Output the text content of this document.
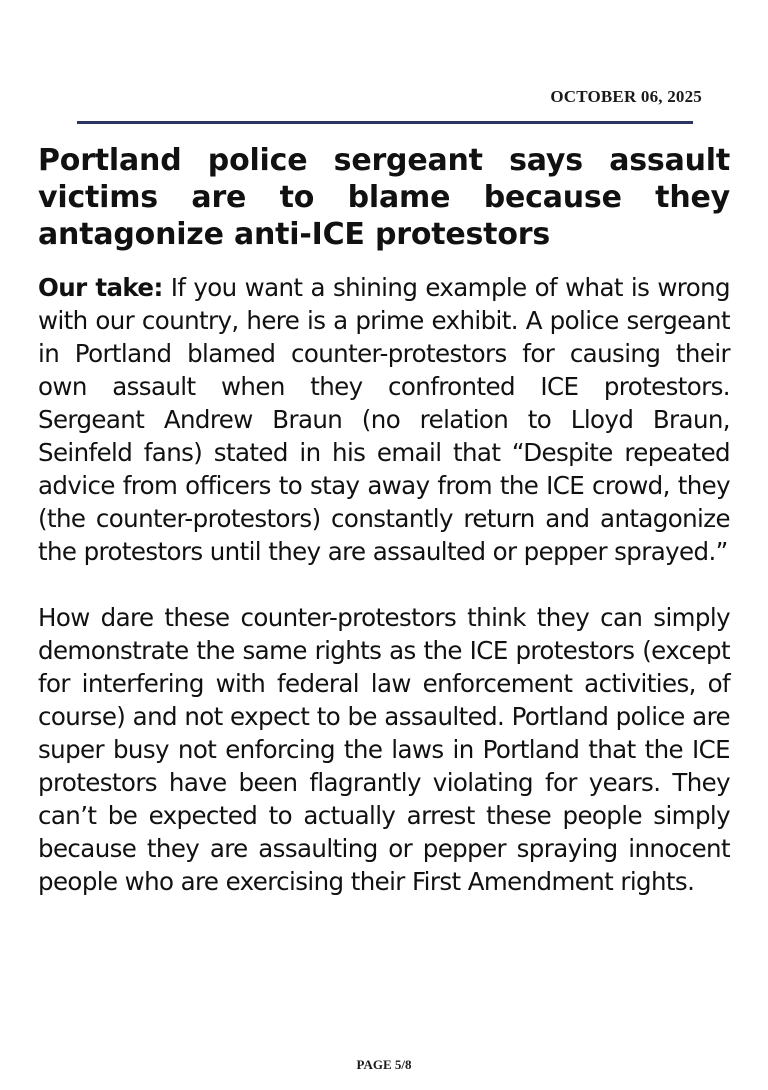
OCTOBER 06, 2025
Portland police sergeant says assault victims are to blame because they antagonize anti-ICE protestors

Our take: If you want a shining example of what is wrong with our country, here is a prime exhibit. A police sergeant in Portland blamed counter-protestors for causing their own assault when they confronted ICE protestors. Sergeant Andrew Braun (no relation to Lloyd Braun, Seinfeld fans) stated in his email that “Despite repeated advice from officers to stay away from the ICE crowd, they (the counter-protestors) constantly return and antagonize the protestors until they are assaulted or pepper sprayed.”

How dare these counter-protestors think they can simply demonstrate the same rights as the ICE protestors (except for interfering with federal law enforcement activities, of course) and not expect to be assaulted. Portland police are super busy not enforcing the laws in Portland that the ICE protestors have been flagrantly violating for years. They can’t be expected to actually arrest these people simply because they are assaulting or pepper spraying innocent people who are exercising their First Amendment rights.

PAGE 5/8
